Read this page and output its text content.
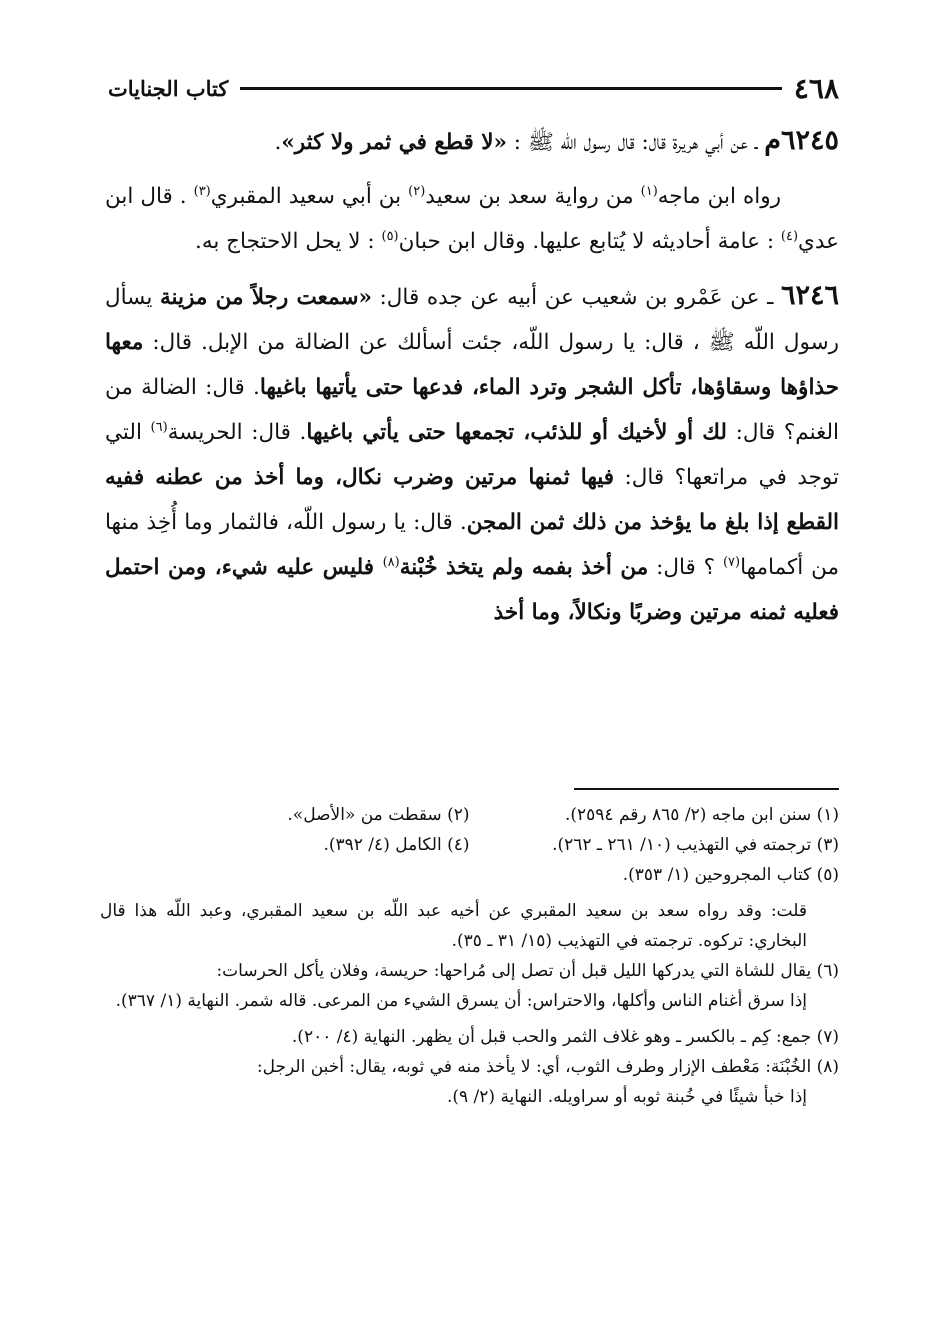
٤٦٨
كتاب الجنايات

٦٢٤٥م ـ عن أبي هريرة قال: قال رسول اللّه ﷺ : «لا قطع في ثمر ولا كثر».

رواه ابن ماجه$^{(١)}$ من رواية سعد بن سعيد$^{(٢)}$ بن أبي سعيد المقبري$^{(٣)}$ . قال ابن عدي$^{(٤)}$ : عامة أحاديثه لا يُتابع عليها. وقال ابن حبان$^{(٥)}$ : لا يحل الاحتجاج به.

٦٢٤٦ ـ عن عَمْرو بن شعيب عن أبيه عن جده قال: «سمعت رجلاً من مزينة يسأل رسول اللّه ﷺ ، قال: يا رسول اللّه، جئت أسألك عن الضالة من الإبل. قال: معها حذاؤها وسقاؤها، تأكل الشجر وترد الماء، فدعها حتى يأتيها باغيها. قال: الضالة من الغنم؟ قال: لك أو لأخيك أو للذئب، تجمعها حتى يأتي باغيها. قال: الحريسة$^{(٦)}$ التي توجد في مراتعها؟ قال: فيها ثمنها مرتين وضرب نكال، وما أخذ من عطنه ففيه القطع إذا بلغ ما يؤخذ من ذلك ثمن المجن. قال: يا رسول اللّه، فالثمار وما أُخِذ منها من أكمامها$^{(٧)}$ ؟ قال: من أخذ بفمه ولم يتخذ خُبْنة$^{(٨)}$ فليس عليه شيء، ومن احتمل فعليه ثمنه مرتين وضربًا ونكالاً، وما أخذ

(١) سنن ابن ماجه (٢/ ٨٦٥ رقم ٢٥٩٤).
(٢) سقطت من «الأصل».
(٣) ترجمته في التهذيب (١٠/ ٢٦١ ـ ٢٦٢).
(٤) الكامل (٤/ ٣٩٢).

(٥) كتاب المجروحين (١/ ٣٥٣).

قلت: وقد رواه سعد بن سعيد المقبري عن أخيه عبد اللّه بن سعيد المقبري، وعبد اللّه هذا قال البخاري: تركوه. ترجمته في التهذيب (١٥/ ٣١ ـ ٣٥).

(٦) يقال للشاة التي يدركها الليل قبل أن تصل إلى مُراحها: حريسة، وفلان يأكل الحرسات:

إذا سرق أغنام الناس وأكلها، والاحتراس: أن يسرق الشيء من المرعى. قاله شمر. النهاية (١/ ٣٦٧).

(٧) جمع: كِم ـ بالكسر ـ وهو غلاف الثمر والحب قبل أن يظهر. النهاية (٤/ ٢٠٠).

(٨) الخُبْنَة: مَعْطف الإزار وطرف الثوب، أي: لا يأخذ منه في ثوبه، يقال: أخبن الرجل:

إذا خبأ شيئًا في خُبنة ثوبه أو سراويله. النهاية (٢/ ٩).
